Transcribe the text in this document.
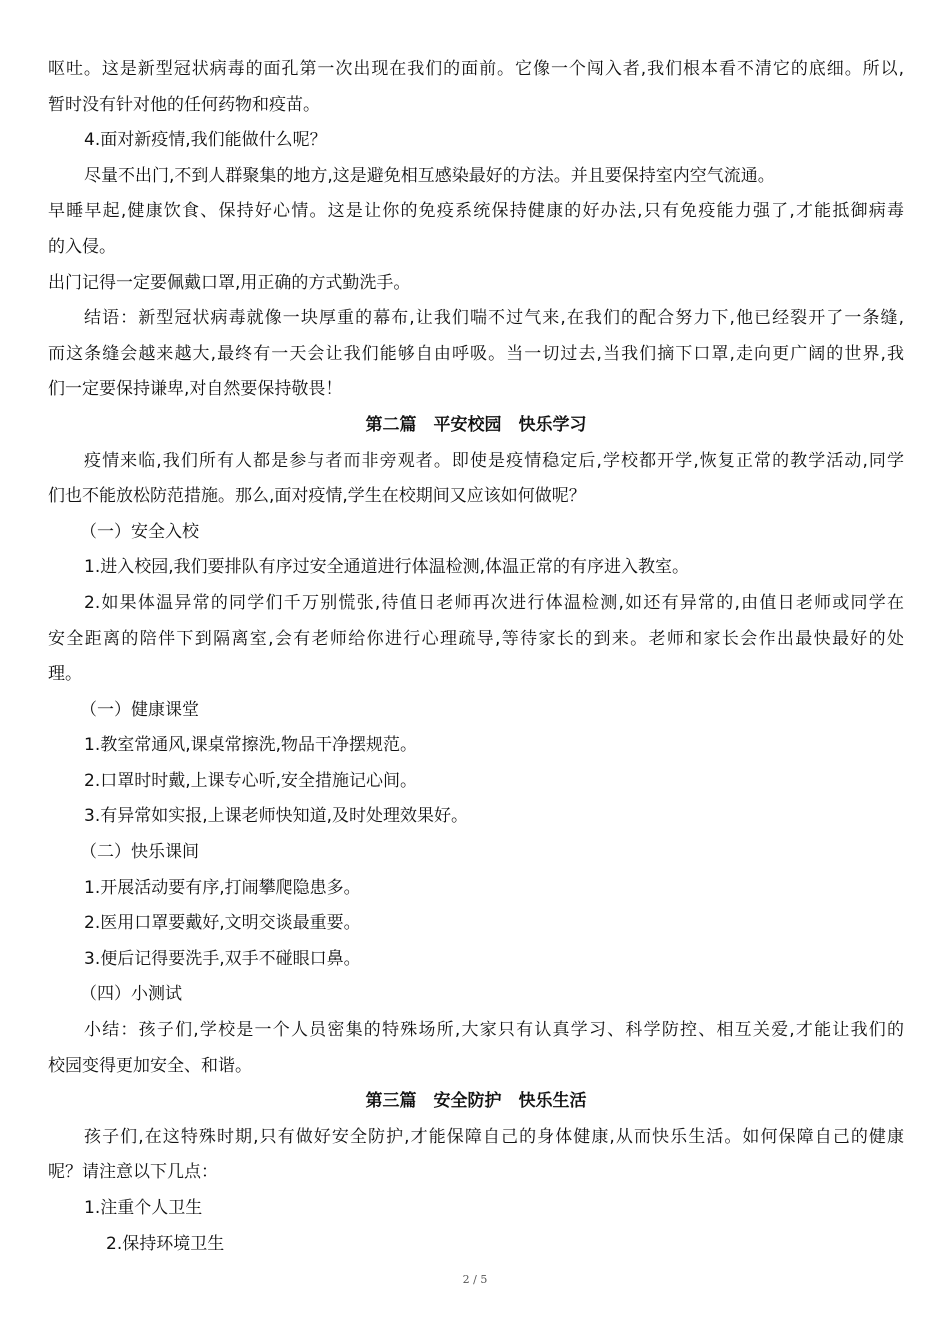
呕吐。这是新型冠状病毒的面孔第一次出现在我们的面前。它像一个闯入者,我们根本看不清它的底细。所以,
暂时没有针对他的任何药物和疫苗。
4.面对新疫情,我们能做什么呢？
尽量不出门,不到人群聚集的地方,这是避免相互感染最好的方法。并且要保持室内空气流通。
早睡早起,健康饮食、保持好心情。这是让你的免疫系统保持健康的好办法,只有免疫能力强了,才能抵御病毒
的入侵。
出门记得一定要佩戴口罩,用正确的方式勤洗手。
结语：新型冠状病毒就像一块厚重的幕布,让我们喘不过气来,在我们的配合努力下,他已经裂开了一条缝,
而这条缝会越来越大,最终有一天会让我们能够自由呼吸。当一切过去,当我们摘下口罩,走向更广阔的世界,我
们一定要保持谦卑,对自然要保持敬畏！
第二篇　平安校园　快乐学习
疫情来临,我们所有人都是参与者而非旁观者。即使是疫情稳定后,学校都开学,恢复正常的教学活动,同学
们也不能放松防范措施。那么,面对疫情,学生在校期间又应该如何做呢？
（一）安全入校
1.进入校园,我们要排队有序过安全通道进行体温检测,体温正常的有序进入教室。
2.如果体温异常的同学们千万别慌张,待值日老师再次进行体温检测,如还有异常的,由值日老师或同学在
安全距离的陪伴下到隔离室,会有老师给你进行心理疏导,等待家长的到来。老师和家长会作出最快最好的处
理。
（一）健康课堂
1.教室常通风,课桌常擦洗,物品干净摆规范。
2.口罩时时戴,上课专心听,安全措施记心间。
3.有异常如实报,上课老师快知道,及时处理效果好。
（二）快乐课间
1.开展活动要有序,打闹攀爬隐患多。
2.医用口罩要戴好,文明交谈最重要。
3.便后记得要洗手,双手不碰眼口鼻。
（四）小测试
小结：孩子们,学校是一个人员密集的特殊场所,大家只有认真学习、科学防控、相互关爱,才能让我们的
校园变得更加安全、和谐。
第三篇　安全防护　快乐生活
孩子们,在这特殊时期,只有做好安全防护,才能保障自己的身体健康,从而快乐生活。如何保障自己的健康
呢？请注意以下几点：
1.注重个人卫生
2.保持环境卫生
2 / 5
